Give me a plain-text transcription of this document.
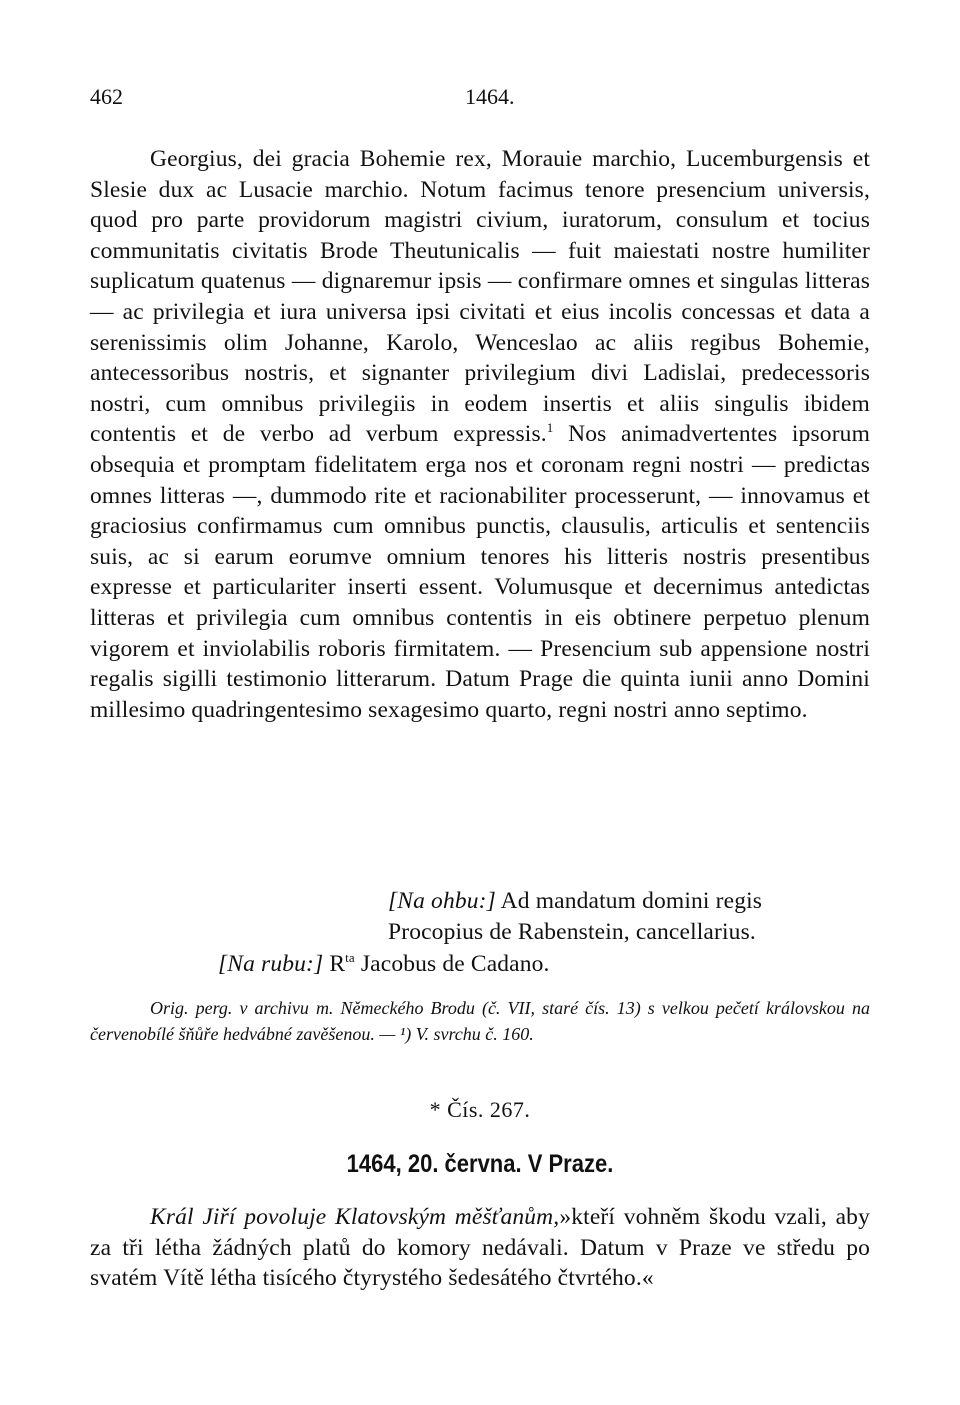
462	1464.

Georgius, dei gracia Bohemie rex, Morauie marchio, Lucemburgensis et Slesie dux ac Lusacie marchio. Notum facimus tenore presencium universis, quod pro parte providorum magistri civium, iuratorum, consulum et tocius communitatis civitatis Brode Theutunicalis — fuit maiestati nostre humiliter suplicatum quatenus — dignaremur ipsis — confirmare omnes et singulas litteras — ac privilegia et iura universa ipsi civitati et eius incolis concessas et data a serenissimis olim Johanne, Karolo, Wenceslao ac aliis regibus Bohemie, antecessoribus nostris, et signanter privilegium divi Ladislai, predecessoris nostri, cum omnibus privilegiis in eodem insertis et aliis singulis ibidem contentis et de verbo ad verbum expressis.$^1$ Nos animadvertentes ipsorum obsequia et promptam fidelitatem erga nos et coronam regni nostri — predictas omnes litteras —, dummodo rite et racionabiliter processerunt, — innovamus et graciosius confirmamus cum omnibus punctis, clausulis, articulis et sentenciis suis, ac si earum eorumve omnium tenores his litteris nostris presentibus expresse et particulariter inserti essent. Volumusque et decernimus antedictas litteras et privilegia cum omnibus contentis in eis obtinere perpetuo plenum vigorem et inviolabilis roboris firmitatem. — Presencium sub appensione nostri regalis sigilli testimonio litterarum. Datum Prage die quinta iunii anno Domini millesimo quadringentesimo sexagesimo quarto, regni nostri anno septimo.

[Na ohbu:] Ad mandatum domini regis
Procopius de Rabenstein, cancellarius.
[Na rubu:] $R^{ta}$ Jacobus de Cadano.

Orig. perg. v archivu m. Německého Brodu (č. VII, staré čís. 13) s velkou pečetí královskou na červenobílé šňůře hedvábné zavěšenou. — ¹) V. svrchu č. 160.

* Čís. 267.
1464, 20. června. V Praze.

Král Jiří povoluje Klatovským měšťanům,»kteří vohněm škodu vzali, aby za tři létha žádných platů do komory nedávali. Datum v Praze ve středu po svatém Vítě létha tisícého čtyrystého šedesátého čtvrtého.«
